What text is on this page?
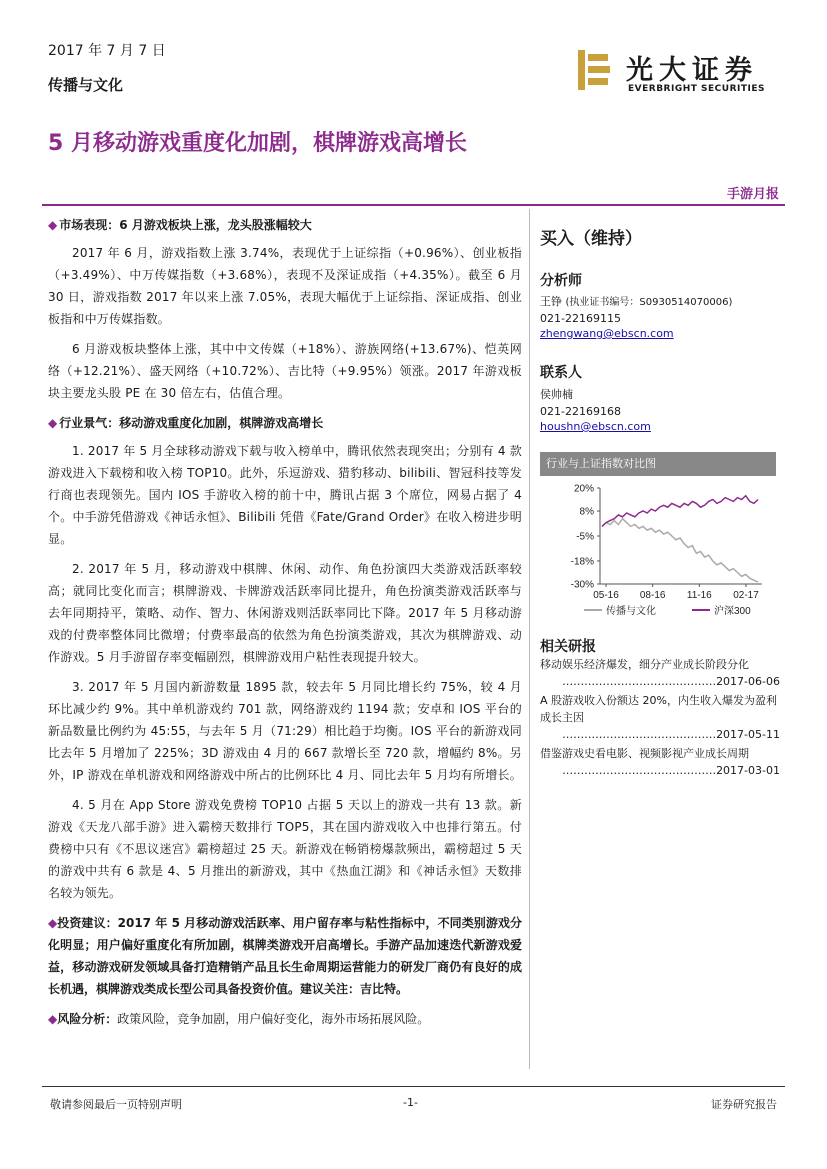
2017 年 7 月 7 日
传播与文化	光大证券
EVERBRIGHT SECURITIES
5 月移动游戏重度化加剧，棋牌游戏高增长
手游月报
◆ 市场表现：6 月游戏板块上涨，龙头股涨幅较大

2017 年 6 月，游戏指数上涨 3.74%，表现优于上证综指（+0.96%）、创业板指（+3.49%）、中万传媒指数（+3.68%），表现不及深证成指（+4.35%）。截至 6 月 30 日，游戏指数 2017 年以来上涨 7.05%，表现大幅优于上证综指、深证成指、创业板指和中万传媒指数。

6 月游戏板块整体上涨，其中中文传媒（+18%）、游族网络(+13.67%)、恺英网络（+12.21%）、盛天网络（+10.72%）、吉比特（+9.95%）领涨。2017 年游戏板块主要龙头股 PE 在 30 倍左右，估值合理。

◆ 行业景气：移动游戏重度化加剧，棋牌游戏高增长

1. 2017 年 5 月全球移动游戏下载与收入榜单中，腾讯依然表现突出；分别有 4 款游戏进入下载榜和收入榜 TOP10。此外，乐逗游戏、猎豹移动、bilibili、智冠科技等发行商也表现领先。国内 IOS 手游收入榜的前十中，腾讯占据 3 个席位，网易占据了 4 个。中手游凭借游戏《神话永恒》、Bilibili 凭借《Fate/Grand Order》在收入榜进步明显。

2. 2017 年 5 月，移动游戏中棋牌、休闲、动作、角色扮演四大类游戏活跃率较高；就同比变化而言；棋牌游戏、卡牌游戏活跃率同比提升，角色扮演类游戏活跃率与去年同期持平，策略、动作、智力、休闲游戏则活跃率同比下降。2017 年 5 月移动游戏的付费率整体同比微增；付费率最高的依然为角色扮演类游戏，其次为棋牌游戏、动作游戏。5 月手游留存率变幅剧烈，棋牌游戏用户粘性表现提升较大。

3. 2017 年 5 月国内新游数量 1895 款，较去年 5 月同比增长约 75%，较 4 月环比减少约 9%。其中单机游戏约 701 款，网络游戏约 1194 款；安卓和 IOS 平台的新品数量比例约为 45:55，与去年 5 月（71:29）相比趋于均衡。IOS 平台的新游戏同比去年 5 月增加了 225%；3D 游戏由 4 月的 667 款增长至 720 款，增幅约 8%。另外，IP 游戏在单机游戏和网络游戏中所占的比例环比 4 月、同比去年 5 月均有所增长。

4. 5 月在 App Store 游戏免费榜 TOP10 占据 5 天以上的游戏一共有 13 款。新游戏《天龙八部手游》进入霸榜天数排行 TOP5，其在国内游戏收入中也排行第五。付费榜中只有《不思议迷宫》霸榜超过 25 天。新游戏在畅销榜爆款频出，霸榜超过 5 天的游戏中共有 6 款是 4、5 月推出的新游戏，其中《热血江湖》和《神话永恒》天数排名较为领先。

◆投资建议：2017 年 5 月移动游戏活跃率、用户留存率与粘性指标中，不同类别游戏分化明显；用户偏好重度化有所加剧，棋牌类游戏开启高增长。手游产品加速迭代新游戏爱益，移动游戏研发领域具备打造精销产品且长生命周期运营能力的研发厂商仍有良好的成长机遇，棋牌游戏类成长型公司具备投资价值。建议关注：吉比特。
◆风险分析：政策风险，竞争加剧，用户偏好变化，海外市场拓展风险。
买入（维持）
分析师
王铮 (执业证书编号：S0930514070006)
021-22169115
zhengwang@ebscn.com
联系人
侯帅楠
021-22169168
houshn@ebscn.com
行业与上证指数对比图
20%
8%
-5%
-18%
-30%
05-16 08-16 11-16 02-17
传播与文化	沪深300
相关研报
移动娱乐经济爆发，细分产业成长阶段分化
……………………………………2017-06-06
A 股游戏收入份额达 20%，内生收入爆发为盈利成长主因
……………………………………2017-05-11
借鉴游戏史看电影、视频影视产业成长周期
……………………………………2017-03-01
敬请参阅最后一页特别声明	-1-	证券研究报告
